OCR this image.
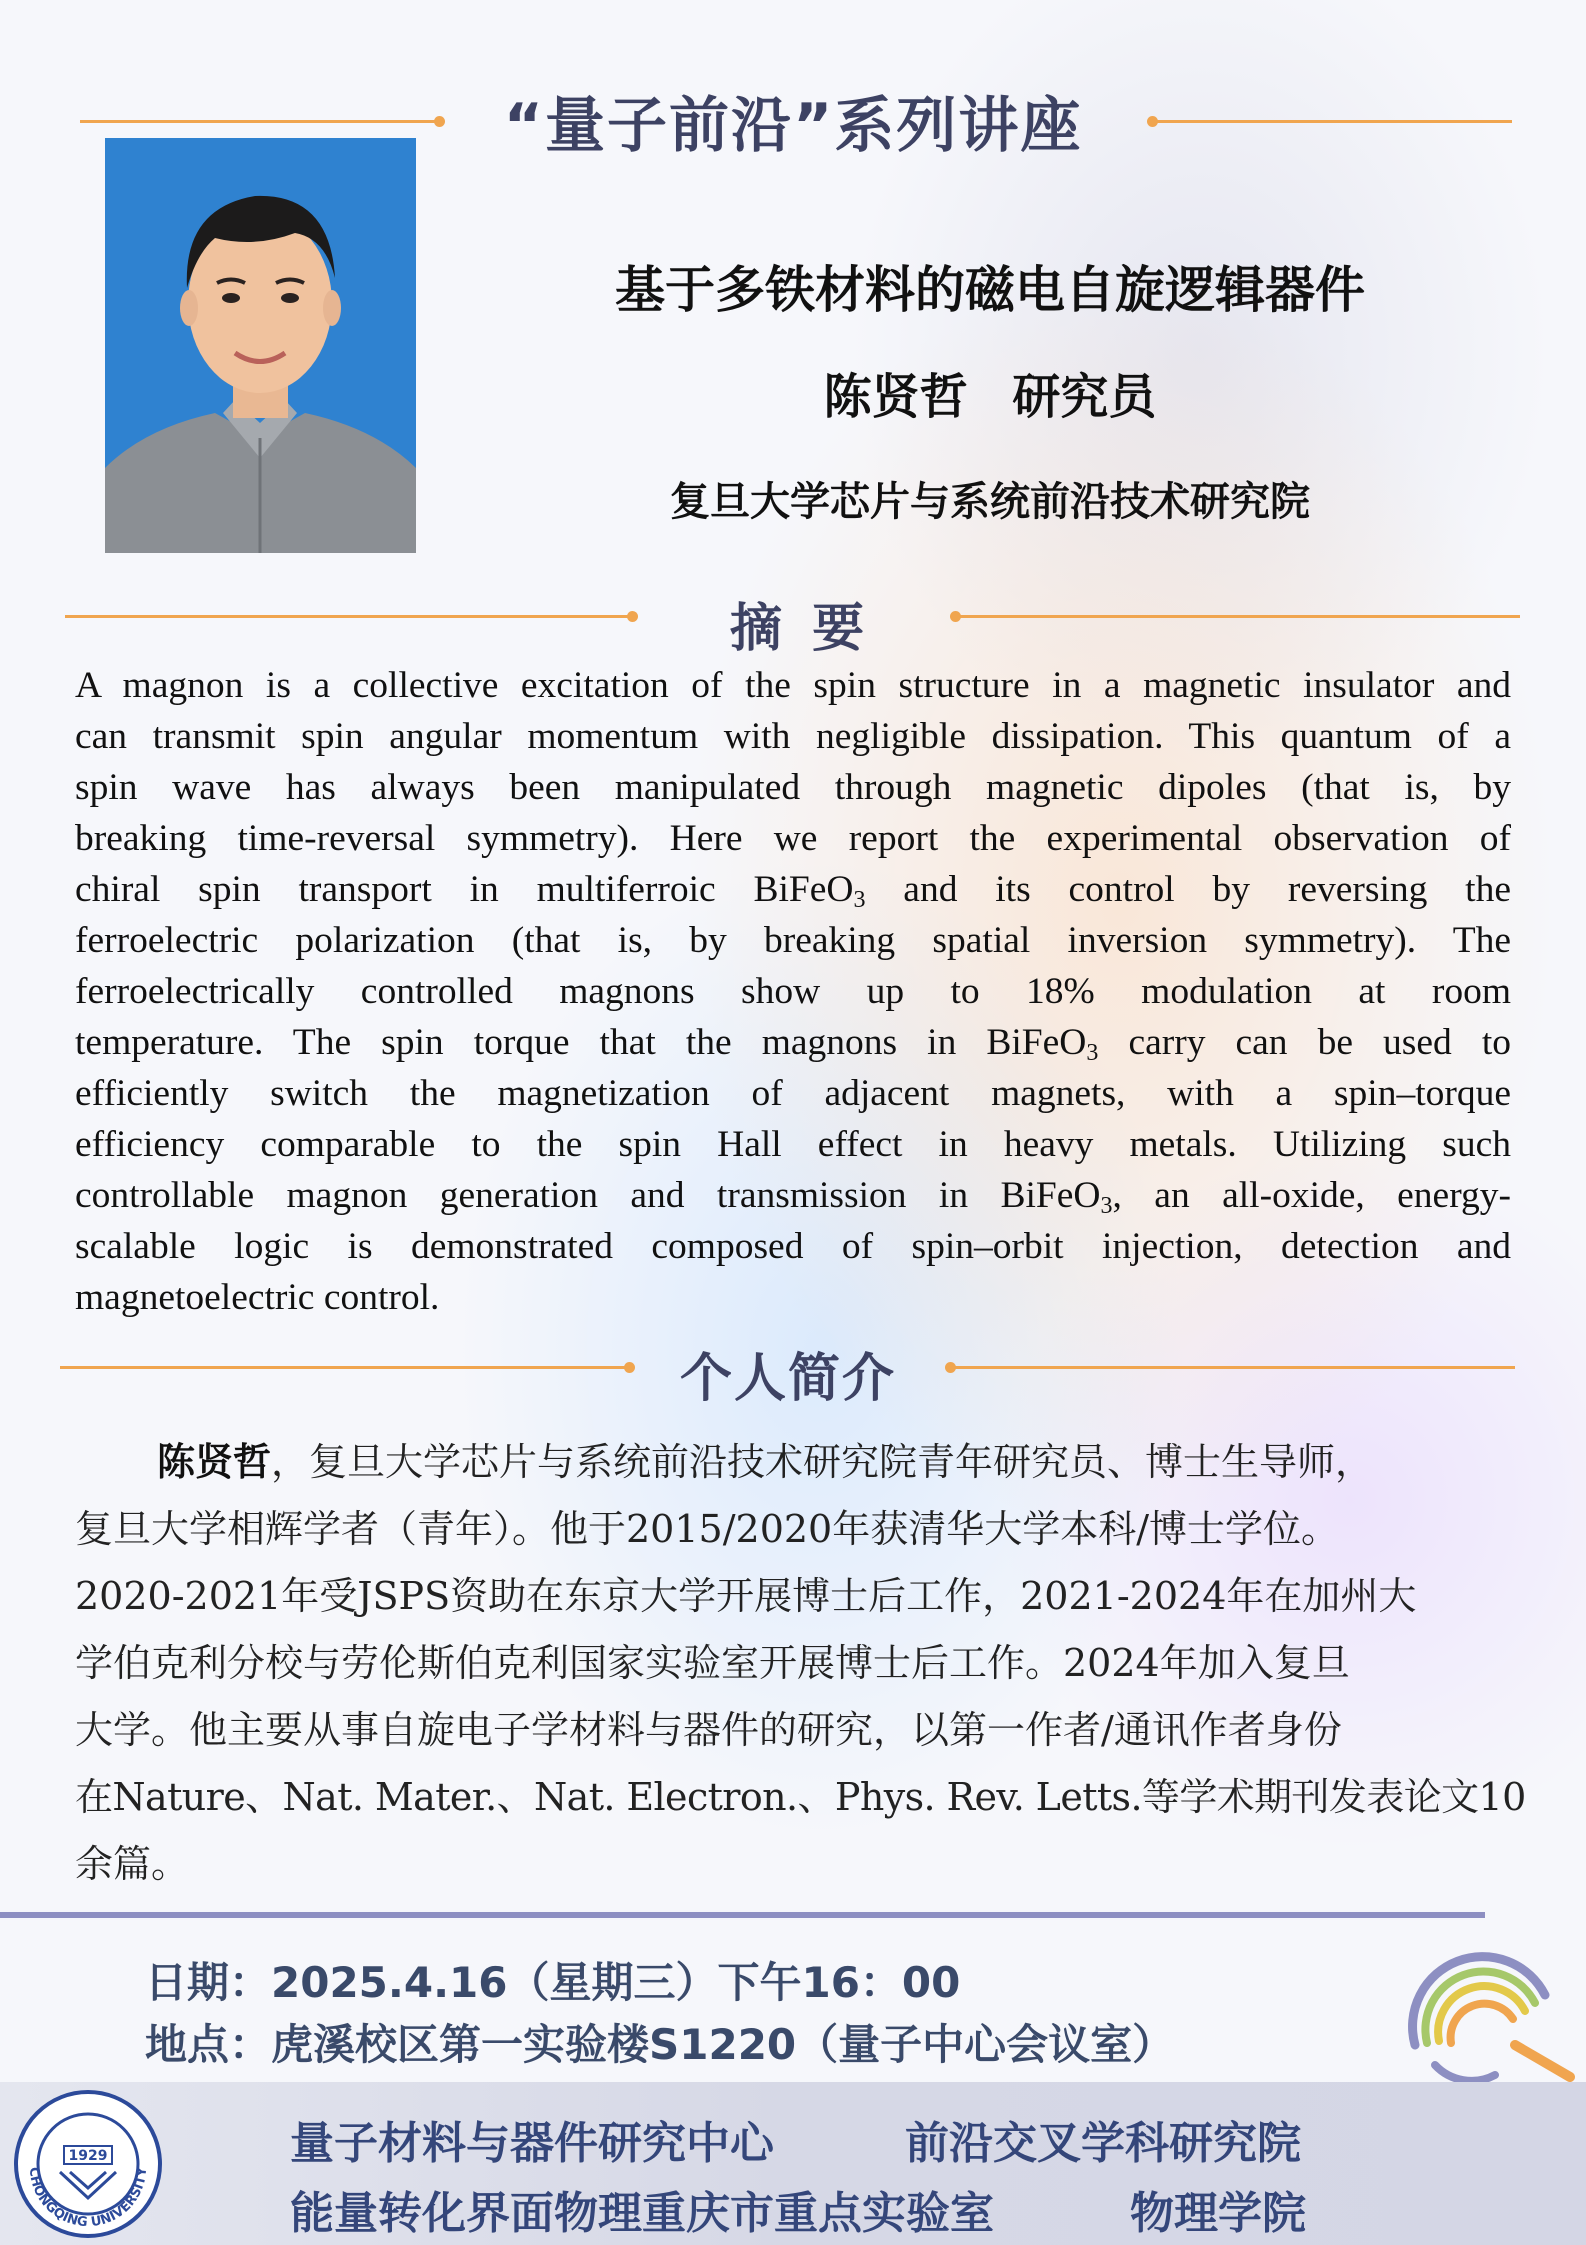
“量子前沿”系列讲座
基于多铁材料的磁电自旋逻辑器件
陈贤哲 研究员
复旦大学芯片与系统前沿技术研究院
摘 要
A magnon is a collective excitation of the spin structure in a magnetic insulator and
can transmit spin angular momentum with negligible dissipation. This quantum of a
spin wave has always been manipulated through magnetic dipoles (that is, by
breaking time-reversal symmetry). Here we report the experimental observation of
chiral spin transport in multiferroic BiFeO$_3$ and its control by reversing the
ferroelectric polarization (that is, by breaking spatial inversion symmetry). The
ferroelectrically controlled magnons show up to 18% modulation at room
temperature. The spin torque that the magnons in BiFeO$_3$ carry can be used to
efficiently switch the magnetization of adjacent magnets, with a spin–torque
efficiency comparable to the spin Hall effect in heavy metals. Utilizing such
controllable magnon generation and transmission in BiFeO$_3$, an all-oxide, energy-
scalable logic is demonstrated composed of spin–orbit injection, detection and
magnetoelectric control.
个人简介
陈贤哲，复旦大学芯片与系统前沿技术研究院青年研究员、博士生导师，
复旦大学相辉学者（青年）。他于2015/2020年获清华大学本科/博士学位。
2020-2021年受JSPS资助在东京大学开展博士后工作，2021-2024年在加州大
学伯克利分校与劳伦斯伯克利国家实验室开展博士后工作。2024年加入复旦
大学。他主要从事自旋电子学材料与器件的研究，以第一作者/通讯作者身份
在Nature、Nat. Mater.、Nat. Electron.、Phys. Rev. Letts.等学术期刊发表论文10
余篇。
日期：2025.4.16（星期三）下午16：00
地点：虎溪校区第一实验楼S1220（量子中心会议室）
CHONGQING UNIVERSITY
1929	量子材料与器件研究中心	前沿交叉学科研究院
能量转化界面物理重庆市重点实验室	物理学院
